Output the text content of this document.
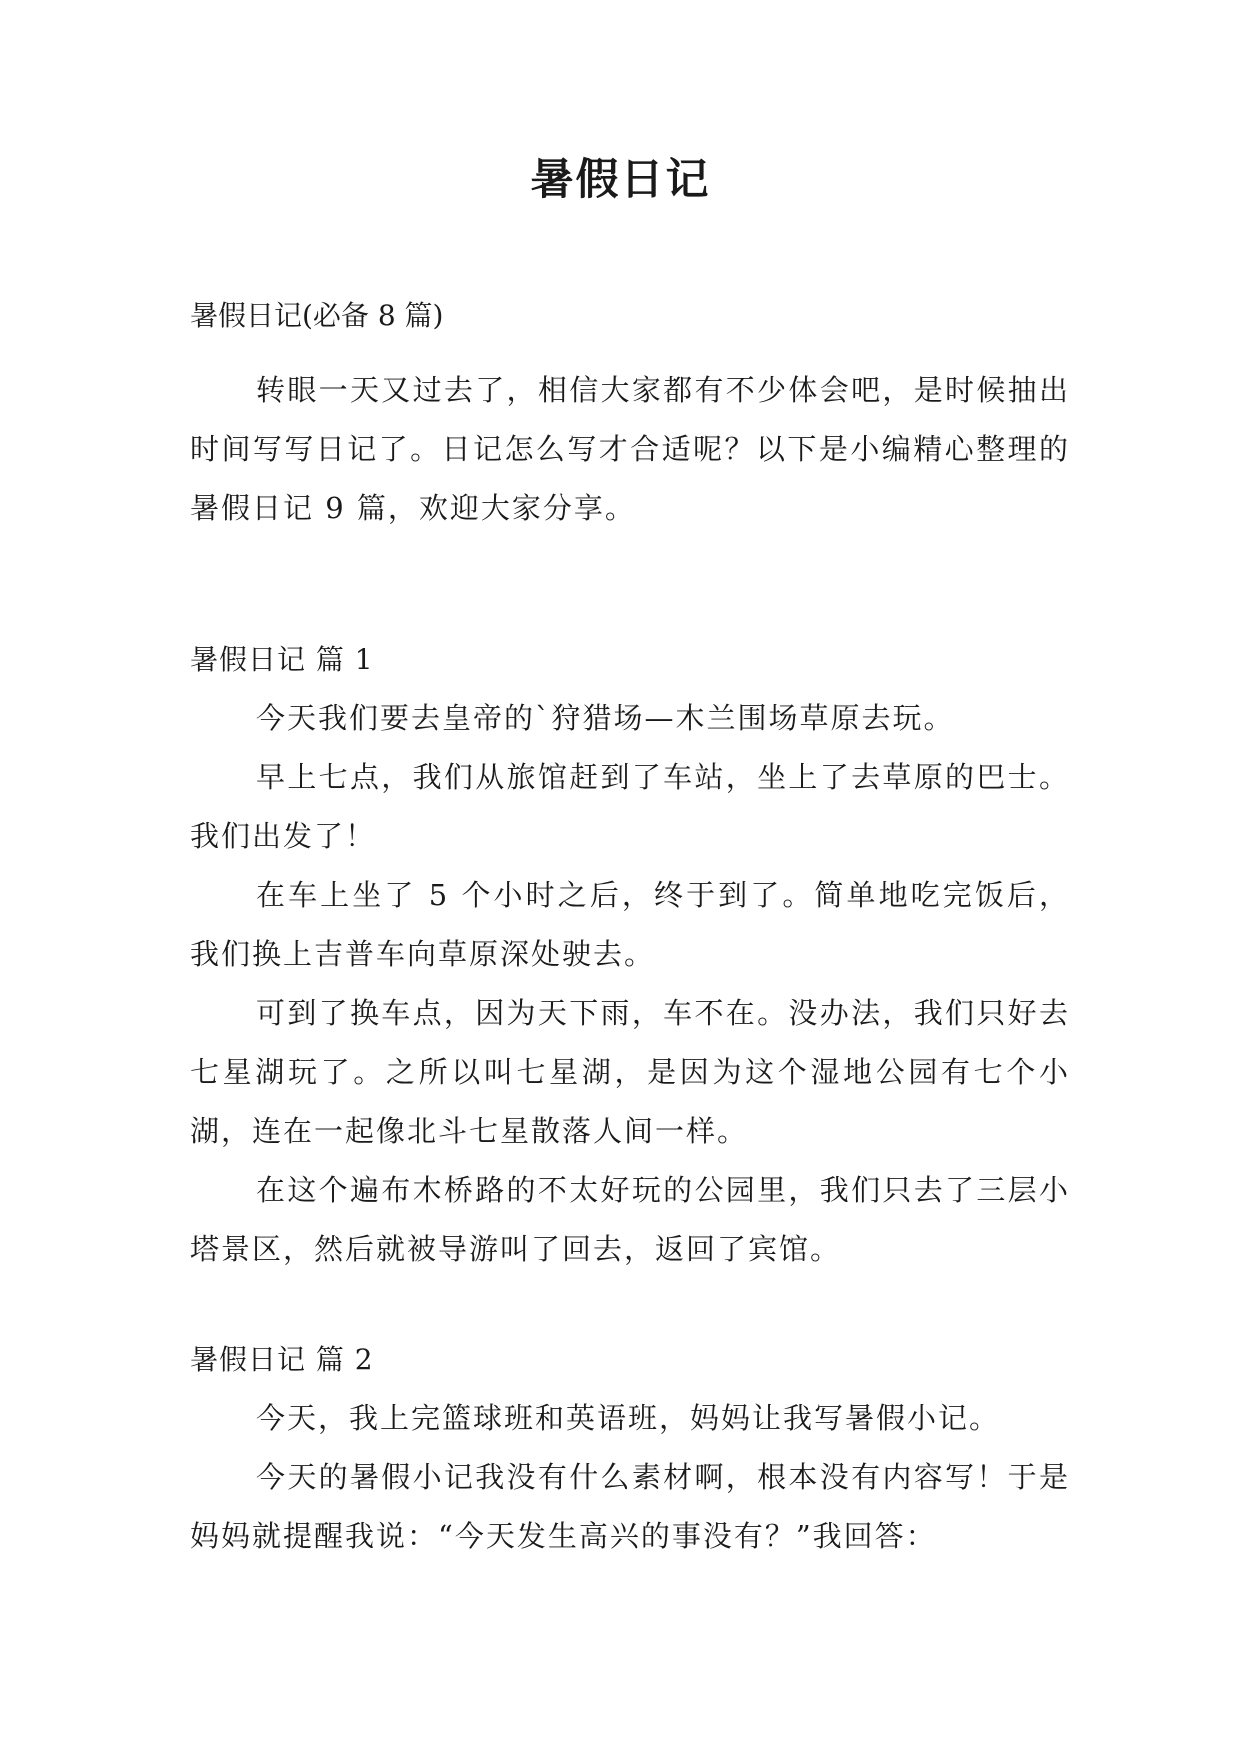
暑假日记

暑假日记(必备 8 篇)

转眼一天又过去了，相信大家都有不少体会吧，是时候抽出时间写写日记了。日记怎么写才合适呢？以下是小编精心整理的暑假日记 9 篇，欢迎大家分享。

暑假日记 篇 1

今天我们要去皇帝的`狩猎场—木兰围场草原去玩。

早上七点，我们从旅馆赶到了车站，坐上了去草原的巴士。我们出发了！

在车上坐了 5 个小时之后，终于到了。简单地吃完饭后，我们换上吉普车向草原深处驶去。

可到了换车点，因为天下雨，车不在。没办法，我们只好去七星湖玩了。之所以叫七星湖，是因为这个湿地公园有七个小湖，连在一起像北斗七星散落人间一样。

在这个遍布木桥路的不太好玩的公园里，我们只去了三层小塔景区，然后就被导游叫了回去，返回了宾馆。

暑假日记 篇 2

今天，我上完篮球班和英语班，妈妈让我写暑假小记。

今天的暑假小记我没有什么素材啊，根本没有内容写！于是妈妈就提醒我说：“今天发生高兴的事没有？”我回答：
